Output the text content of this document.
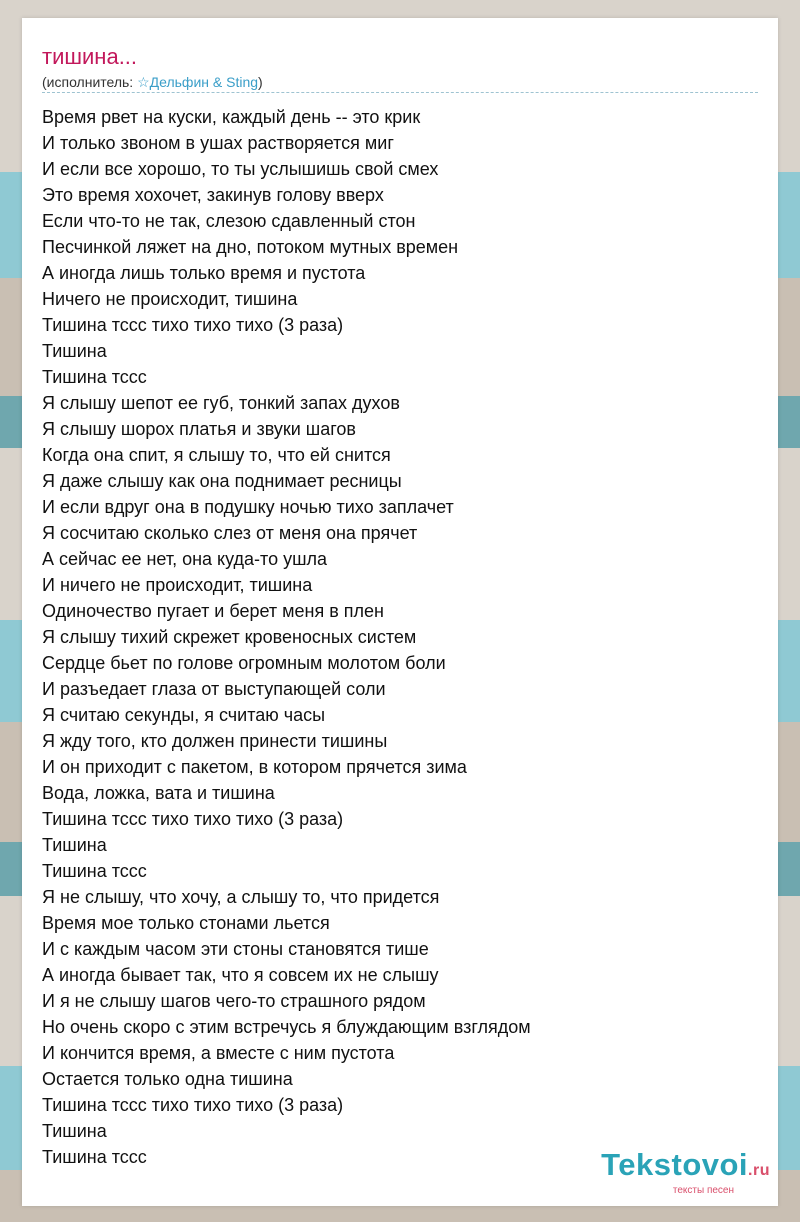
тишина...
(исполнитель: ☆Дельфин & Sting)
Время рвет на куски, каждый день -- это крик
И только звоном в ушах растворяется миг
И если все хорошо, то ты услышишь свой смех
Это время хохочет, закинув голову вверх
Если что-то не так, слезою сдавленный стон
Песчинкой ляжет на дно, потоком мутных времен
А иногда лишь только время и пустота
Ничего не происходит, тишина
Тишина тссс тихо тихо тихо (3 раза)
Тишина
Тишина тссс
Я слышу шепот ее губ, тонкий запах духов
Я слышу шорох платья и звуки шагов
Когда она спит, я слышу то, что ей снится
Я даже слышу как она поднимает ресницы
И если вдруг она в подушку ночью тихо заплачет
Я сосчитаю сколько слез от меня она прячет
А сейчас ее нет, она куда-то ушла
И ничего не происходит, тишина
Одиночество пугает и берет меня в плен
Я слышу тихий скрежет кровеносных систем
Сердце бьет по голове огромным молотом боли
И разъедает глаза от выступающей соли
Я считаю секунды, я считаю часы
Я жду того, кто должен принести тишины
И он приходит с пакетом, в котором прячется зима
Вода, ложка, вата и тишина
Тишина тссс тихо тихо тихо (3 раза)
Тишина
Тишина тссс
Я не слышу, что хочу, а слышу то, что придется
Время мое только стонами льется
И с каждым часом эти стоны становятся тише
А иногда бывает так, что я совсем их не слышу
И я не слышу шагов чего-то страшного рядом
Но очень скоро с этим встречусь я блуждающим взглядом
И кончится время, а вместе с ним пустота
Остается только одна тишина
Тишина тссс тихо тихо тихо (3 раза)
Тишина
Тишина тссс	Tekstovoi.ru
тексты песен
